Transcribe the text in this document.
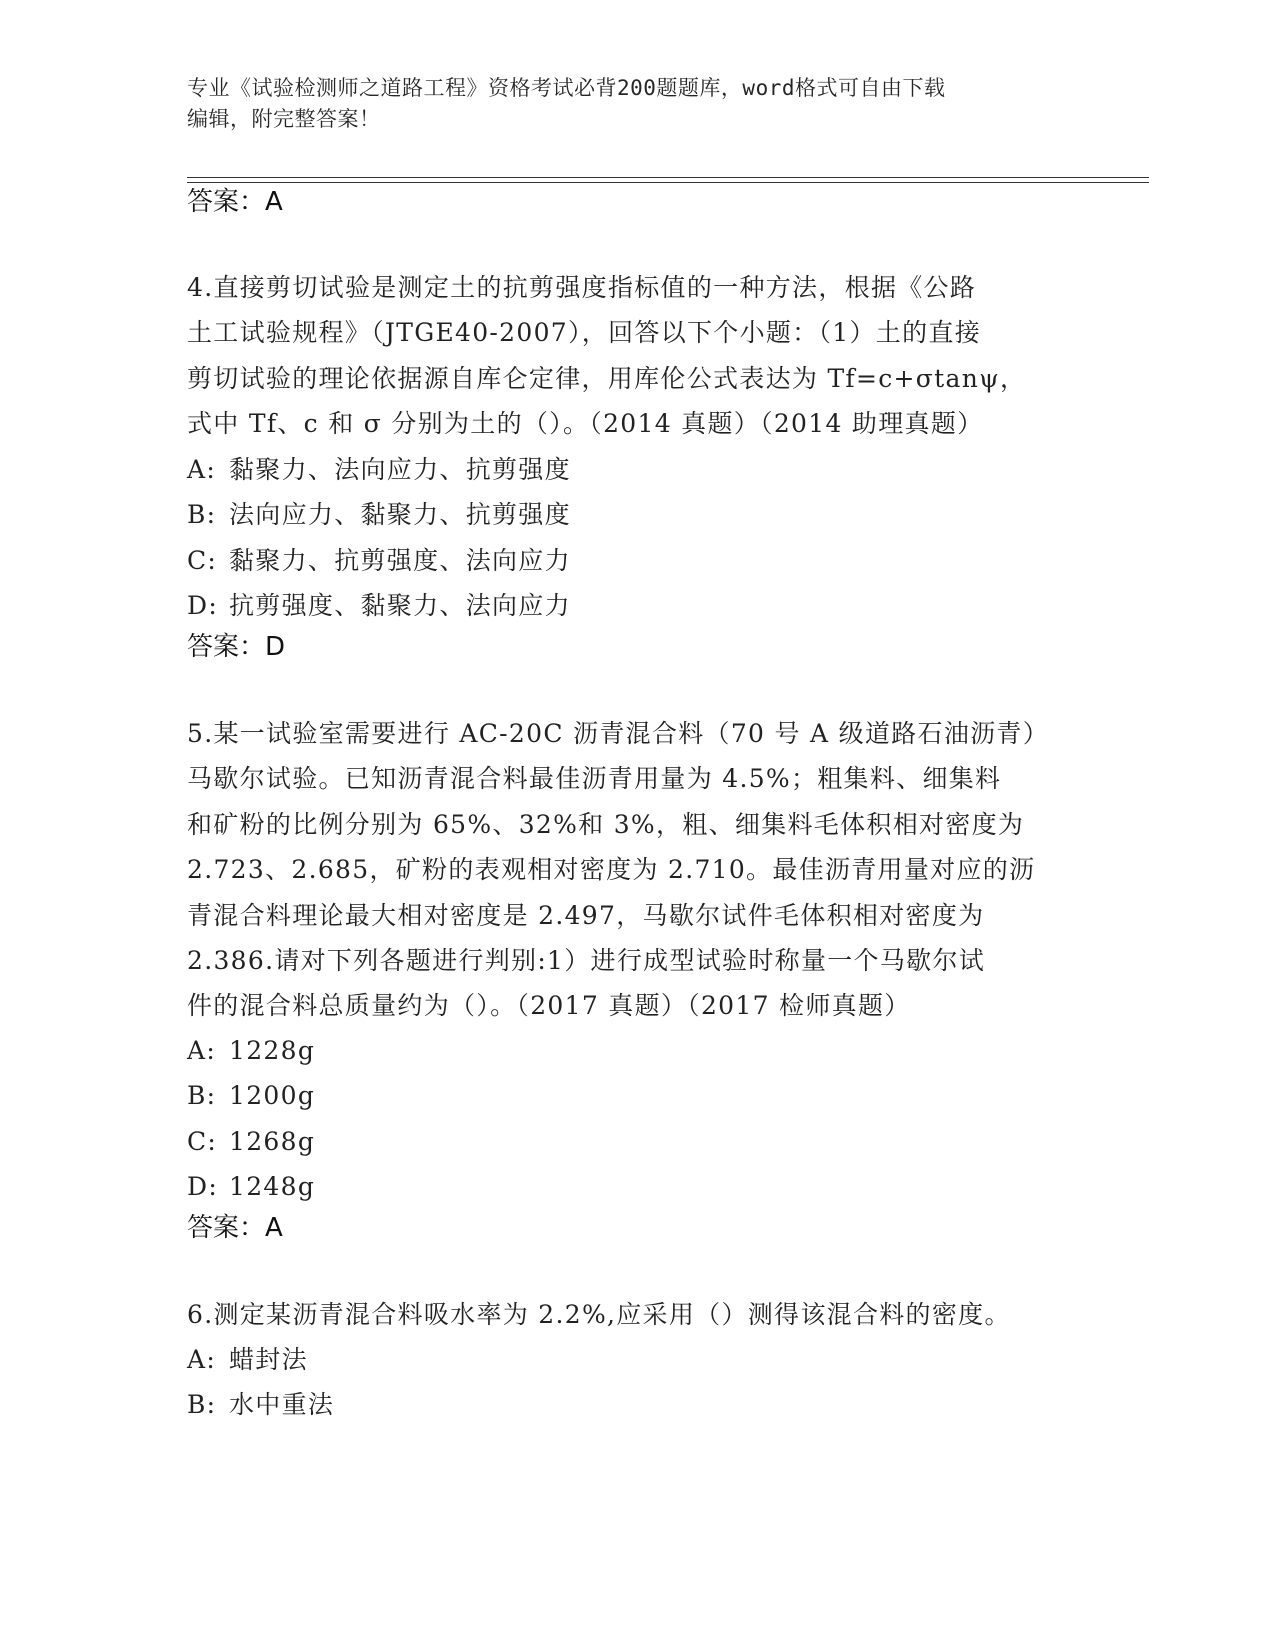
专业《试验检测师之道路工程》资格考试必背200题题库，word格式可自由下载
编辑，附完整答案！
答案：A
4.直接剪切试验是测定土的抗剪强度指标值的一种方法，根据《公路
土工试验规程》（JTGE40-2007），回答以下个小题：（1）土的直接
剪切试验的理论依据源自库仑定律，用库伦公式表达为 Tf=c+σtanψ，
式中 Tf、c 和 σ 分别为土的（）。（2014 真题）（2014 助理真题）
A: 黏聚力、法向应力、抗剪强度
B: 法向应力、黏聚力、抗剪强度
C: 黏聚力、抗剪强度、法向应力
D: 抗剪强度、黏聚力、法向应力
答案：D
5.某一试验室需要进行 AC-20C 沥青混合料（70 号 A 级道路石油沥青）
马歇尔试验。已知沥青混合料最佳沥青用量为 4.5%；粗集料、细集料
和矿粉的比例分别为 65%、32%和 3%，粗、细集料毛体积相对密度为
2.723、2.685，矿粉的表观相对密度为 2.710。最佳沥青用量对应的沥
青混合料理论最大相对密度是 2.497，马歇尔试件毛体积相对密度为
2.386.请对下列各题进行判别:1）进行成型试验时称量一个马歇尔试
件的混合料总质量约为（）。（2017 真题）（2017 检师真题）
A: 1228g
B: 1200g
C: 1268g
D: 1248g
答案：A
6.测定某沥青混合料吸水率为 2.2%,应采用（）测得该混合料的密度。
A: 蜡封法
B: 水中重法
